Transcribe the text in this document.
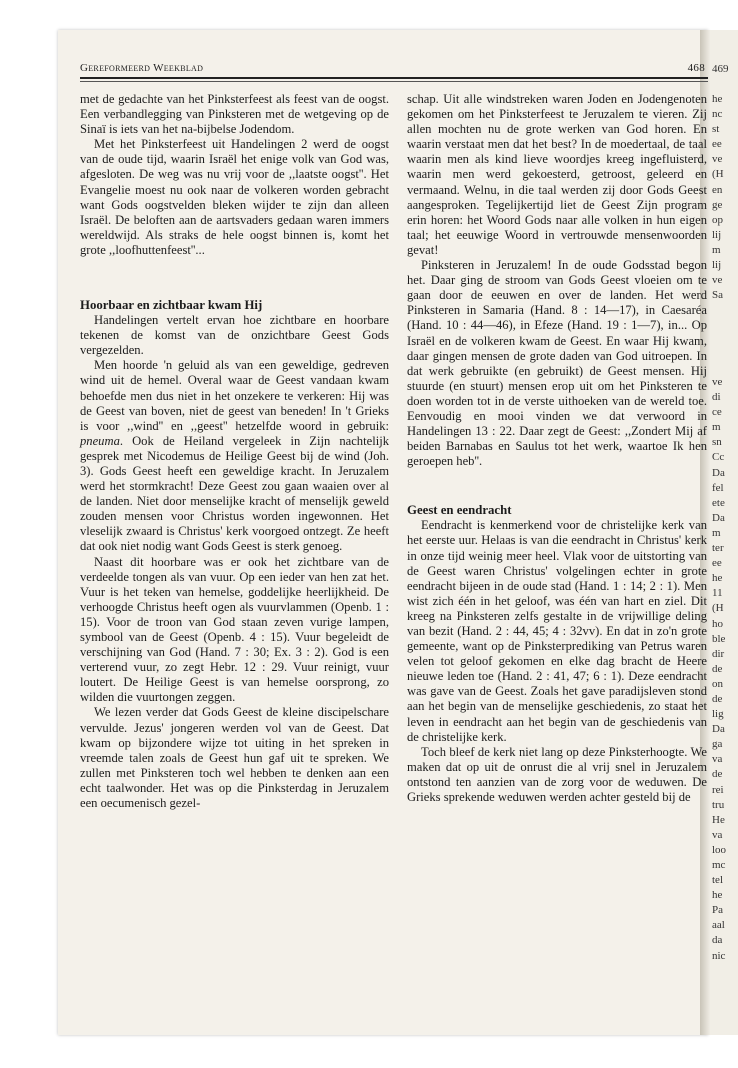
Gereformeerd Weekblad	468 469

met de gedachte van het Pinksterfeest als feest van de oogst. Een verbandlegging van Pinksteren met de wetgeving op de Sinaï is iets van het na-bijbelse Jodendom.

Met het Pinksterfeest uit Handelingen 2 werd de oogst van de oude tijd, waarin Israël het enige volk van God was, afgesloten. De weg was nu vrij voor de ,,laatste oogst''. Het Evangelie moest nu ook naar de volkeren worden gebracht want Gods oogstvelden bleken wijder te zijn dan alleen Israël. De beloften aan de aartsvaders gedaan waren immers wereldwijd. Als straks de hele oogst binnen is, komt het grote ,,loofhuttenfeest''...

Hoorbaar en zichtbaar kwam Hij

Handelingen vertelt ervan hoe zichtbare en hoorbare tekenen de komst van de onzichtbare Geest Gods vergezelden.

Men hoorde 'n geluid als van een geweldige, gedreven wind uit de hemel. Overal waar de Geest vandaan kwam behoefde men dus niet in het onzekere te verkeren: Hij was de Geest van boven, niet de geest van beneden! In 't Grieks is voor ,,wind'' en ,,geest'' hetzelfde woord in gebruik: pneuma. Ook de Heiland vergeleek in Zijn nachtelijk gesprek met Nicodemus de Heilige Geest bij de wind (Joh. 3). Gods Geest heeft een geweldige kracht. In Jeruzalem werd het stormkracht! Deze Geest zou gaan waaien over al de landen. Niet door menselijke kracht of menselijk geweld zouden mensen voor Christus worden ingewonnen. Het vleselijk zwaard is Christus' kerk voorgoed ontzegt. Ze heeft dat ook niet nodig want Gods Geest is sterk genoeg.

Naast dit hoorbare was er ook het zichtbare van de verdeelde tongen als van vuur. Op een ieder van hen zat het. Vuur is het teken van hemelse, goddelijke heerlijkheid. De verhoogde Christus heeft ogen als vuurvlammen (Openb. 1 : 15). Voor de troon van God staan zeven vurige lampen, symbool van de Geest (Openb. 4 : 15). Vuur begeleidt de verschijning van God (Hand. 7 : 30; Ex. 3 : 2). God is een verterend vuur, zo zegt Hebr. 12 : 29. Vuur reinigt, vuur loutert. De Heilige Geest is van hemelse oorsprong, zo wilden die vuurtongen zeggen.

We lezen verder dat Gods Geest de kleine discipelschare vervulde. Jezus' jongeren werden vol van de Geest. Dat kwam op bijzondere wijze tot uiting in het spreken in vreemde talen zoals de Geest hun gaf uit te spreken. We zullen met Pinksteren toch wel hebben te denken aan een echt taalwonder. Het was op die Pinksterdag in Jeruzalem een oecumenisch gezel-

schap. Uit alle windstreken waren Joden en Jodengenoten gekomen om het Pinksterfeest te Jeruzalem te vieren. Zij allen mochten nu de grote werken van God horen. En waarin verstaat men dat het best? In de moedertaal, de taal waarin men als kind lieve woordjes kreeg ingefluisterd, waarin men werd gekoesterd, getroost, geleerd en vermaand. Welnu, in die taal werden zij door Gods Geest aangesproken. Tegelijkertijd liet de Geest Zijn program erin horen: het Woord Gods naar alle volken in hun eigen taal; het eeuwige Woord in vertrouwde mensenwoorden gevat!

Pinksteren in Jeruzalem! In de oude Godsstad begon het. Daar ging de stroom van Gods Geest vloeien om te gaan door de eeuwen en over de landen. Het werd Pinksteren in Samaria (Hand. 8 : 14—17), in Caesaréa (Hand. 10 : 44—46), in Efeze (Hand. 19 : 1—7), in... Op Israël en de volkeren kwam de Geest. En waar Hij kwam, daar gingen mensen de grote daden van God uitroepen. In dat werk gebruikte (en gebruikt) de Geest mensen. Hij stuurde (en stuurt) mensen erop uit om het Pinksteren te doen worden tot in de verste uithoeken van de wereld toe. Eenvoudig en mooi vinden we dat verwoord in Handelingen 13 : 22. Daar zegt de Geest: ,,Zondert Mij af beiden Barnabas en Saulus tot het werk, waartoe Ik hen geroepen heb''.

Geest en eendracht

Eendracht is kenmerkend voor de christelijke kerk van het eerste uur. Helaas is van die eendracht in Christus' kerk in onze tijd weinig meer heel. Vlak voor de uitstorting van de Geest waren Christus' volgelingen echter in grote eendracht bijeen in de oude stad (Hand. 1 : 14; 2 : 1). Men wist zich één in het geloof, was één van hart en ziel. Dit kreeg na Pinksteren zelfs gestalte in de vrijwillige deling van bezit (Hand. 2 : 44, 45; 4 : 32vv). En dat in zo'n grote gemeente, want op de Pinksterprediking van Petrus waren velen tot geloof gekomen en elke dag bracht de Heere nieuwe leden toe (Hand. 2 : 41, 47; 6 : 1). Deze eendracht was gave van de Geest. Zoals het gave paradijsleven stond aan het begin van de menselijke geschiedenis, zo staat het leven in eendracht aan het begin van de geschiedenis van de christelijke kerk.

Toch bleef de kerk niet lang op deze Pinksterhoogte. We maken dat op uit de onrust die al vrij snel in Jeruzalem ontstond ten aanzien van de zorg voor de weduwen. De Grieks sprekende weduwen werden achter gesteld bij de

he
nc
st
ee
ve
(H
en
ge
op
lij
m
lij
ve
Sa
ve
di
ce
m
sn
Cc
Da
fel
ete
Da
m
ter
ee
he
11
(H
ho
ble
dir
de
on
de
lig
Da
ga
va
de
rei
tru
He
va
loo
mc
tel
he
Pa
aal
da
nic
